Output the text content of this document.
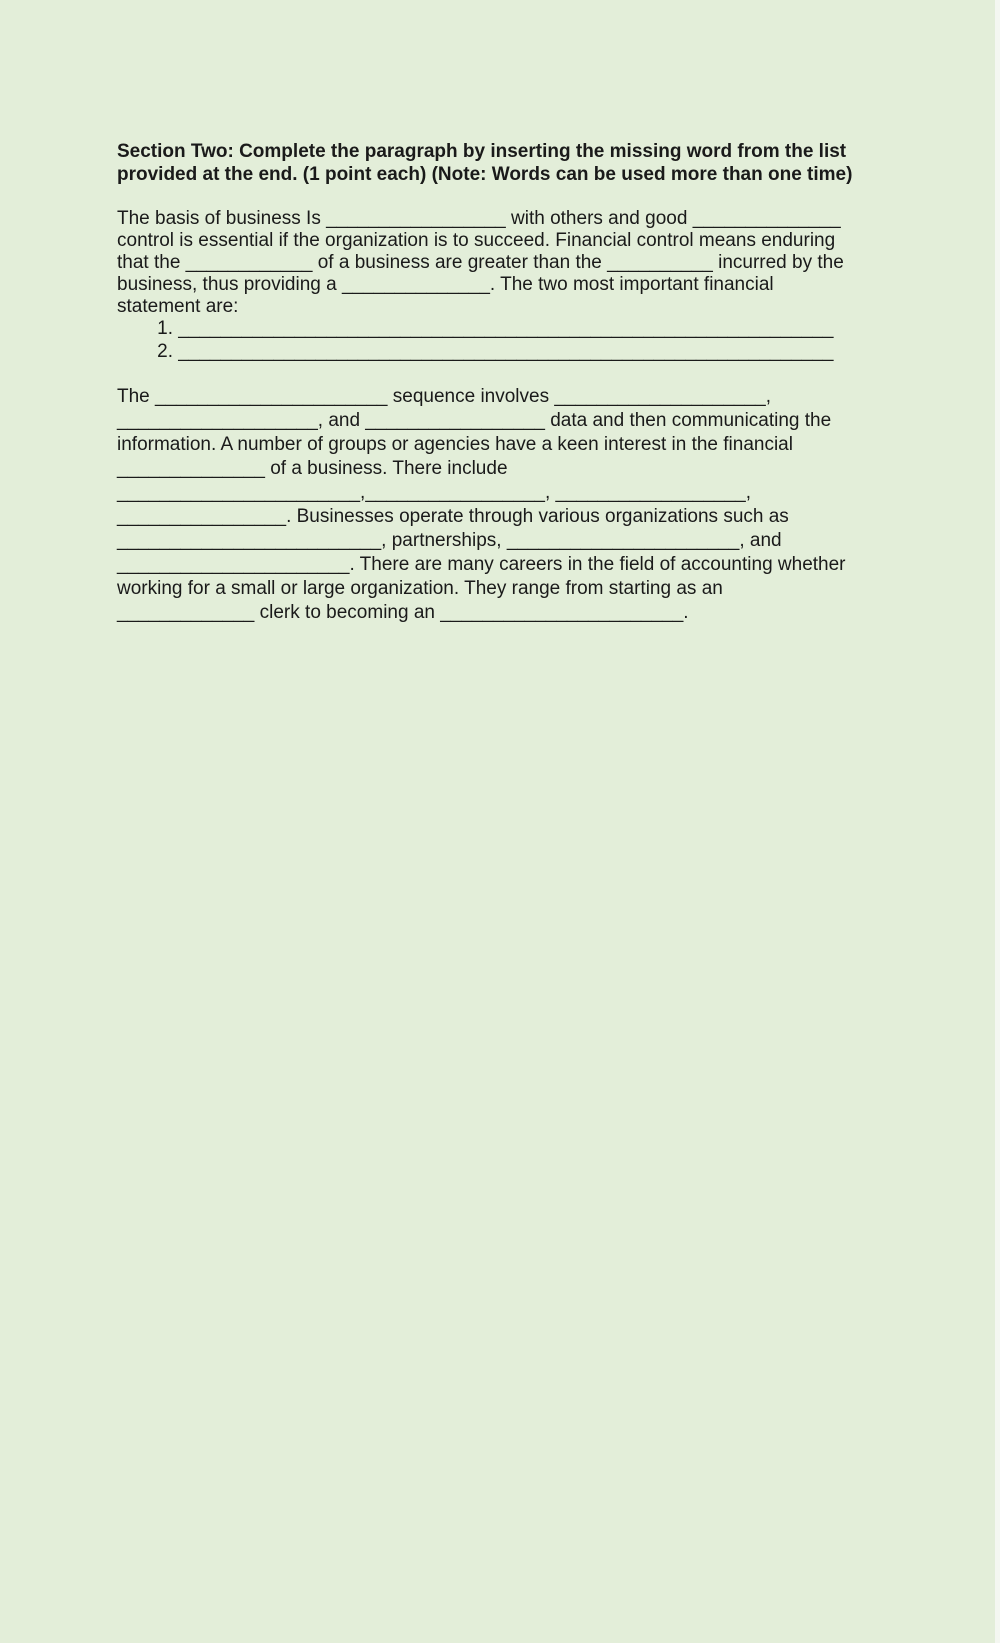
Section Two: Complete the paragraph by inserting the missing word from the list
provided at the end. (1 point each) (Note: Words can be used more than one time)
The basis of business Is _________________ with others and good ______________
control is essential if the organization is to succeed. Financial control means enduring
that the ____________ of a business are greater than the __________ incurred by the
business, thus providing a ______________. The two most important financial
statement are:
1. ______________________________________________________________
2. ______________________________________________________________
The ______________________ sequence involves ____________________,
___________________, and _________________ data and then communicating the
information. A number of groups or agencies have a keen interest in the financial
______________ of a business. There include
_______________________,_________________, __________________,
________________. Businesses operate through various organizations such as
_________________________, partnerships, ______________________, and
______________________. There are many careers in the field of accounting whether
working for a small or large organization. They range from starting as an
_____________ clerk to becoming an _______________________.
